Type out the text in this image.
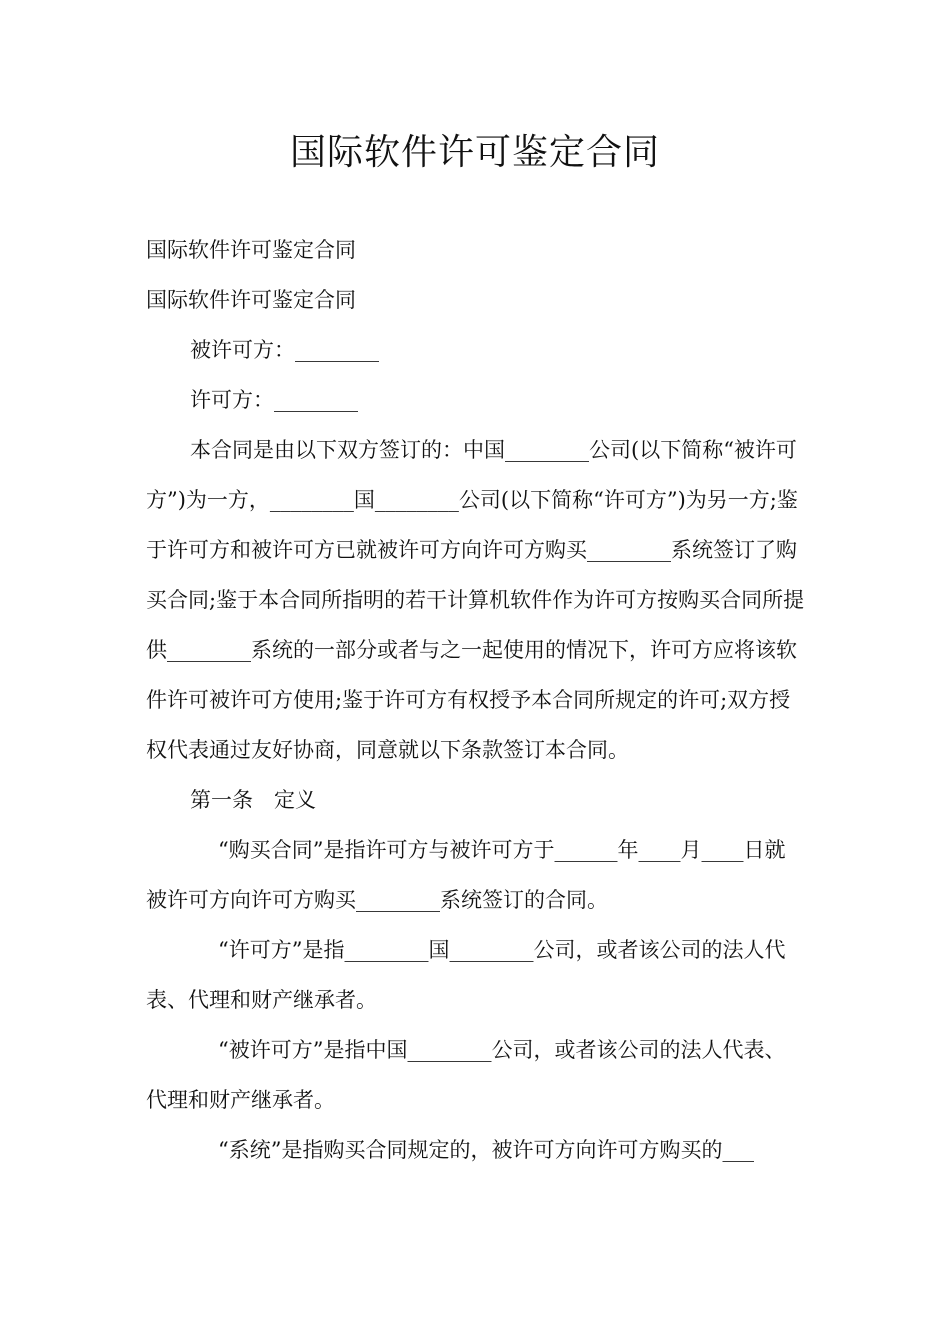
国际软件许可鉴定合同

国际软件许可鉴定合同

国际软件许可鉴定合同

被许可方：________

许可方：________

本合同是由以下双方签订的：中国________公司(以下简称“被许可方”)为一方，________国________公司(以下简称“许可方”)为另一方;鉴于许可方和被许可方已就被许可方向许可方购买________系统签订了购买合同;鉴于本合同所指明的若干计算机软件作为许可方按购买合同所提供________系统的一部分或者与之一起使用的情况下，许可方应将该软件许可被许可方使用;鉴于许可方有权授予本合同所规定的许可;双方授权代表通过友好协商，同意就以下条款签订本合同。

第一条　定义

“购买合同”是指许可方与被许可方于______年____月____日就被许可方向许可方购买________系统签订的合同。

“许可方”是指________国________公司，或者该公司的法人代表、代理和财产继承者。

“被许可方”是指中国________公司，或者该公司的法人代表、代理和财产继承者。

“系统”是指购买合同规定的，被许可方向许可方购买的___
